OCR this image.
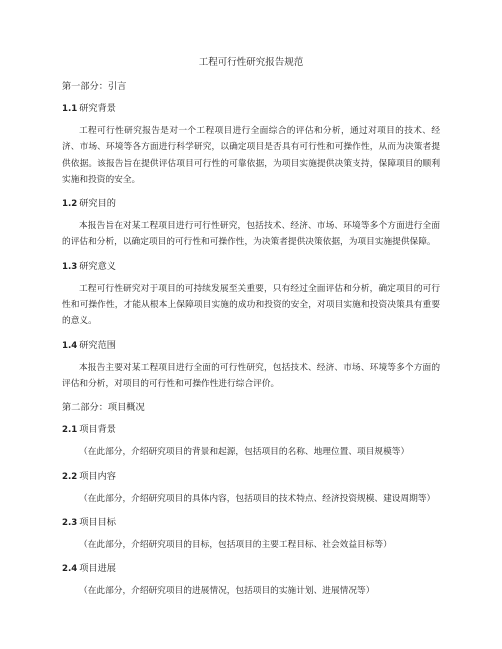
工程可行性研究报告规范
第一部分：引言
1.1 研究背景
工程可行性研究报告是对一个工程项目进行全面综合的评估和分析，通过对项目的技术、经济、市场、环境等各方面进行科学研究，以确定项目是否具有可行性和可操作性，从而为决策者提供依据。该报告旨在提供评估项目可行性的可靠依据，为项目实施提供决策支持，保障项目的顺利实施和投资的安全。
1.2 研究目的
本报告旨在对某工程项目进行可行性研究，包括技术、经济、市场、环境等多个方面进行全面的评估和分析，以确定项目的可行性和可操作性，为决策者提供决策依据，为项目实施提供保障。
1.3 研究意义
工程可行性研究对于项目的可持续发展至关重要，只有经过全面评估和分析，确定项目的可行性和可操作性，才能从根本上保障项目实施的成功和投资的安全，对项目实施和投资决策具有重要的意义。
1.4 研究范围
本报告主要对某工程项目进行全面的可行性研究，包括技术、经济、市场、环境等多个方面的评估和分析，对项目的可行性和可操作性进行综合评价。
第二部分：项目概况
2.1 项目背景
（在此部分，介绍研究项目的背景和起源，包括项目的名称、地理位置、项目规模等）
2.2 项目内容
（在此部分，介绍研究项目的具体内容，包括项目的技术特点、经济投资规模、建设周期等）
2.3 项目目标
（在此部分，介绍研究项目的目标，包括项目的主要工程目标、社会效益目标等）
2.4 项目进展
（在此部分，介绍研究项目的进展情况，包括项目的实施计划、进展情况等）
